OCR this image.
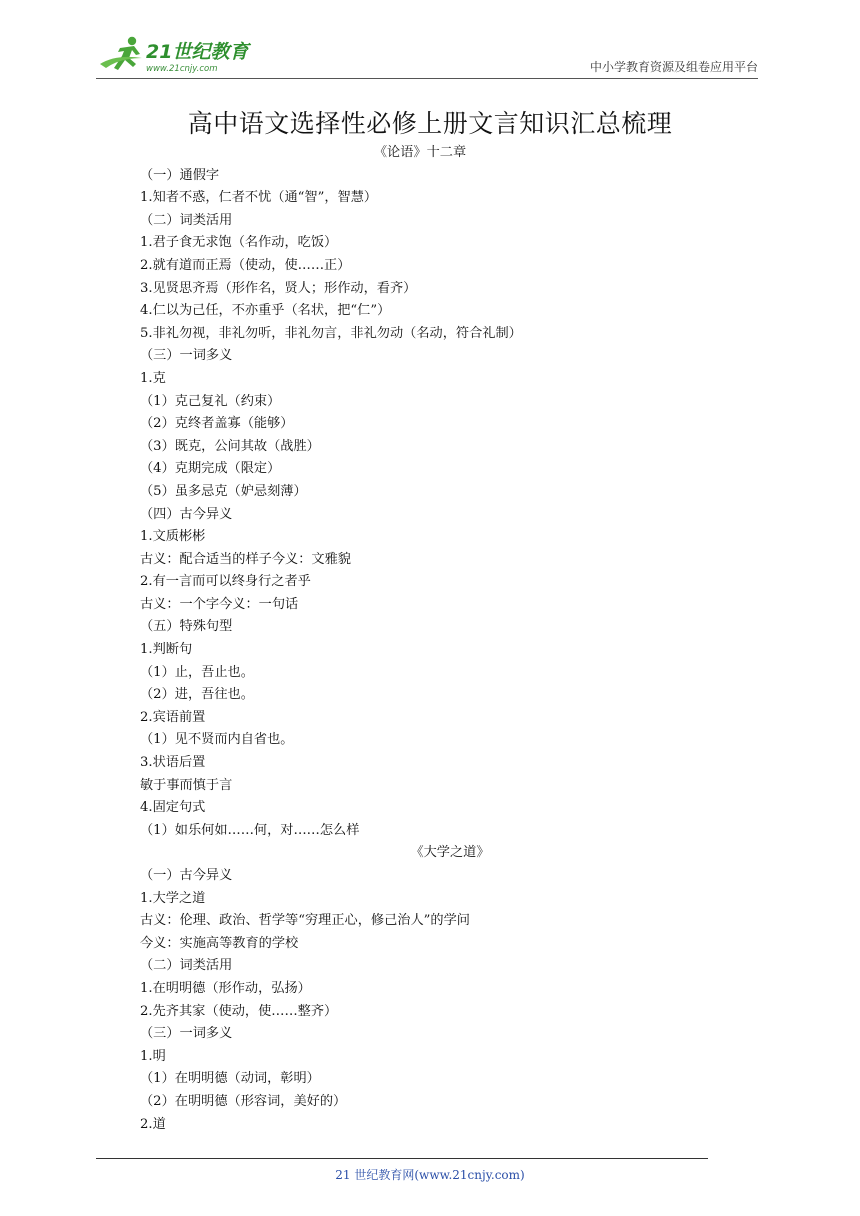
21世纪教育
www.21cnjy.com	中小学教育资源及组卷应用平台
高中语文选择性必修上册文言知识汇总梳理
《论语》十二章
（一）通假字
1.知者不惑，仁者不忧（通“智”，智慧）
（二）词类活用
1.君子食无求饱（名作动，吃饭）
2.就有道而正焉（使动，使……正）
3.见贤思齐焉（形作名，贤人；形作动，看齐）
4.仁以为己任，不亦重乎（名状，把“仁”）
5.非礼勿视，非礼勿听，非礼勿言，非礼勿动（名动，符合礼制）
（三）一词多义
1.克
（1）克己复礼（约束）
（2）克终者盖寡（能够）
（3）既克，公问其故（战胜）
（4）克期完成（限定）
（5）虽多忌克（妒忌刻薄）
（四）古今异义
1.文质彬彬
古义：配合适当的样子今义：文雅貌
2.有一言而可以终身行之者乎
古义：一个字今义：一句话
（五）特殊句型
1.判断句
（1）止，吾止也。
（2）进，吾往也。
2.宾语前置
（1）见不贤而内自省也。
3.状语后置
敏于事而慎于言
4.固定句式
（1）如乐何如……何，对……怎么样
《大学之道》
（一）古今异义
1.大学之道
古义：伦理、政治、哲学等“穷理正心，修己治人”的学问
今义：实施高等教育的学校
（二）词类活用
1.在明明德（形作动，弘扬）
2.先齐其家（使动，使……整齐）
（三）一词多义
1.明
（1）在明明德（动词，彰明）
（2）在明明德（形容词，美好的）
2.道
21 世纪教育网(www.21cnjy.com)
